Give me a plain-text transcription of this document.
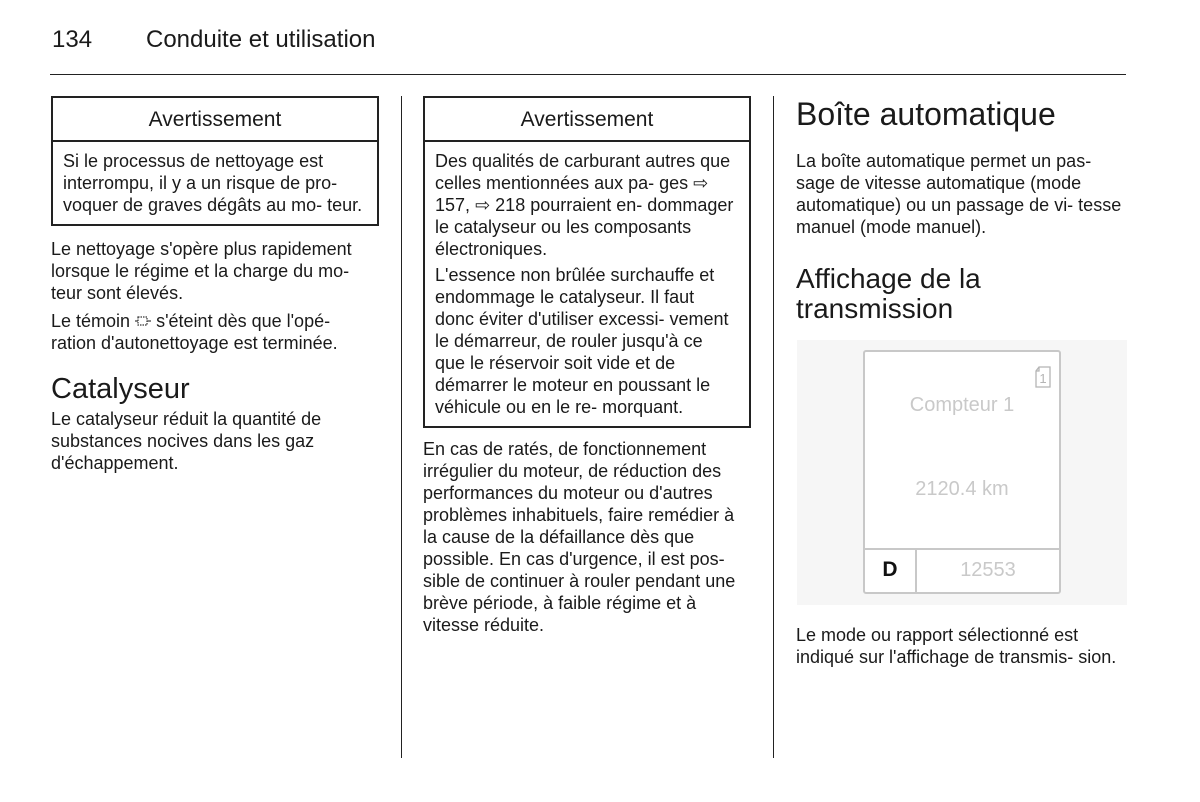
134 Conduite et utilisation
Avertissement

Si le processus de nettoyage est interrompu, il y a un risque de pro- voquer de graves dégâts au mo- teur.

Le nettoyage s'opère plus rapidement lorsque le régime et la charge du mo- teur sont élevés.

Le témoin s'éteint dès que l'opé- ration d'autonettoyage est terminée.

Catalyseur

Le catalyseur réduit la quantité de substances nocives dans les gaz d'échappement.

Avertissement

Des qualités de carburant autres que celles mentionnées aux pa- ges ⇨ 157, ⇨ 218 pourraient en- dommager le catalyseur ou les composants électroniques.

L'essence non brûlée surchauffe et endommage le catalyseur. Il faut donc éviter d'utiliser excessi- vement le démarreur, de rouler jusqu'à ce que le réservoir soit vide et de démarrer le moteur en poussant le véhicule ou en le re- morquant.

En cas de ratés, de fonctionnement irrégulier du moteur, de réduction des performances du moteur ou d'autres problèmes inhabituels, faire remédier à la cause de la défaillance dès que possible. En cas d'urgence, il est pos- sible de continuer à rouler pendant une brève période, à faible régime et à vitesse réduite.

Boîte automatique

La boîte automatique permet un pas- sage de vitesse automatique (mode automatique) ou un passage de vi- tesse manuel (mode manuel).

Affichage de la transmission
1
Compteur 1
2120.4 km
D	12553

Le mode ou rapport sélectionné est indiqué sur l'affichage de transmis- sion.
